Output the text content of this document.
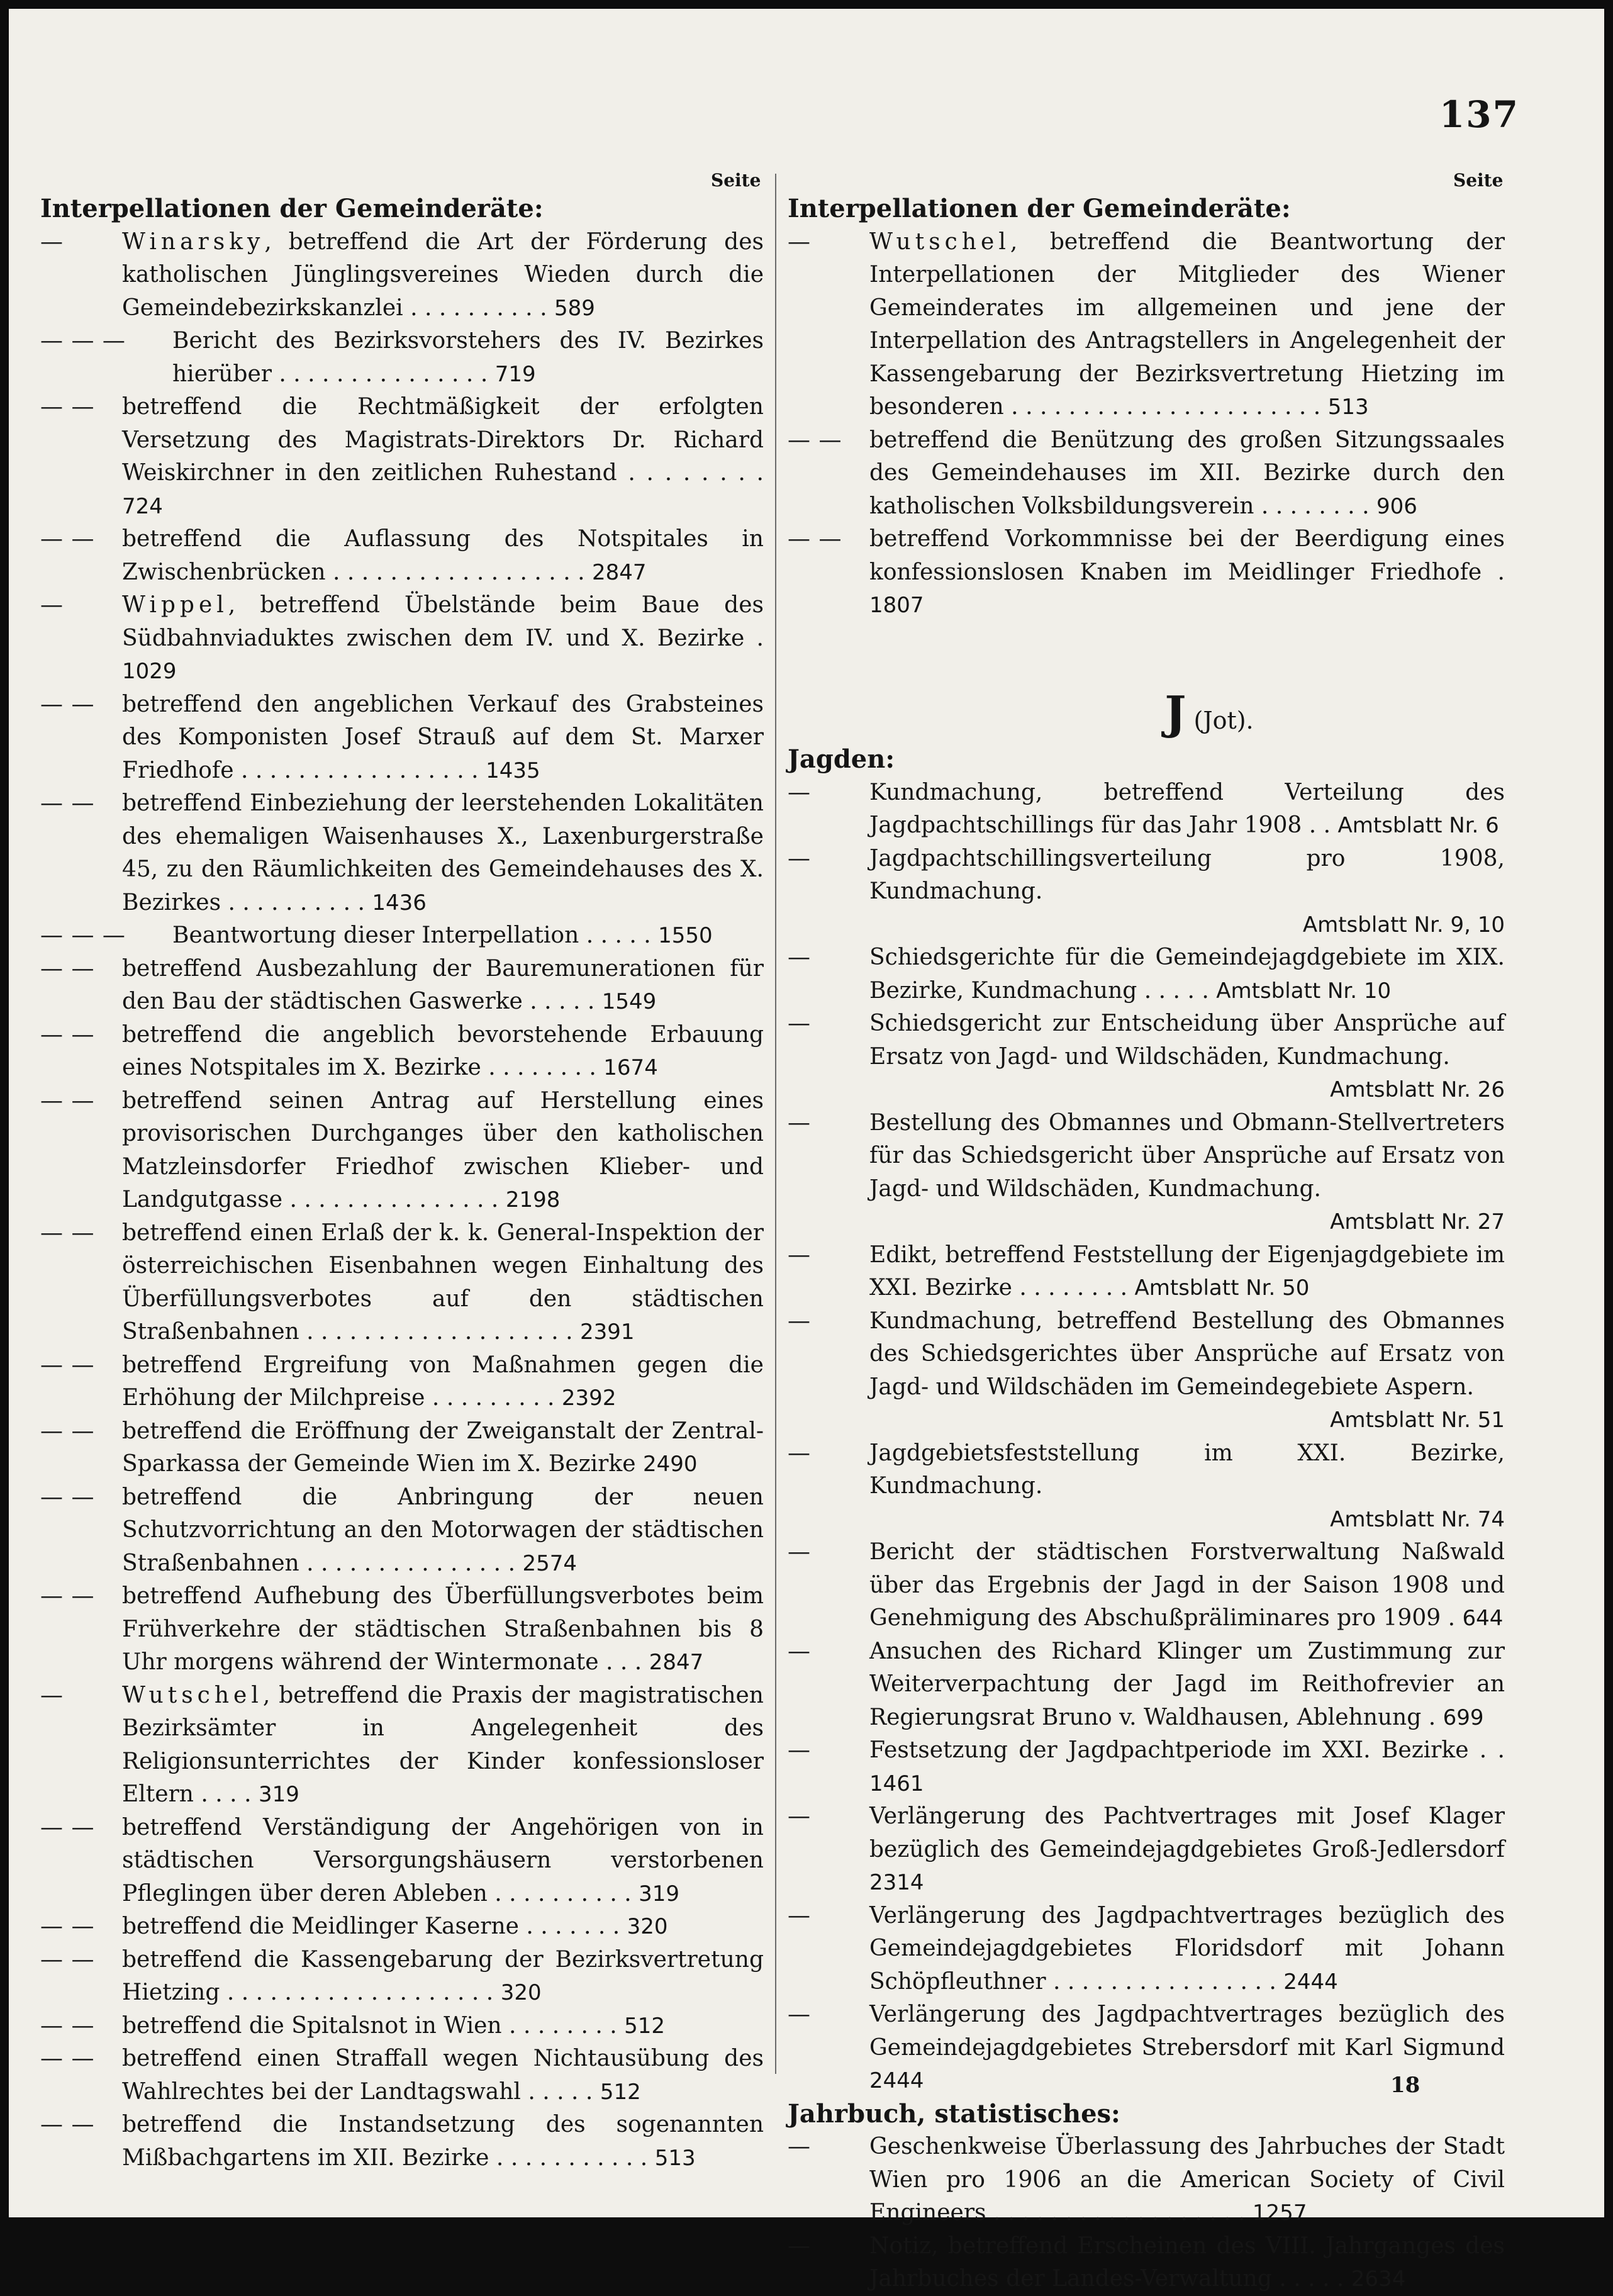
137
Seite	Seite
Interpellationen der Gemeinderäte:
—	Winarsky, betreffend die Art der Förderung des katholischen Jünglingsvereines Wieden durch die Gemeindebezirkskanzlei . . . . . . . . . . 589
— — — Bericht des Bezirksvorstehers des IV. Bezirkes hierüber . . . . . . . . . . . . . . . 719
— — betreffend die Rechtmäßigkeit der erfolgten Versetzung des Magistrats-Direktors Dr. Richard Weiskirchner in den zeitlichen Ruhestand . . . . . . . . 724
— — betreffend die Auflassung des Notspitales in Zwischenbrücken . . . . . . . . . . . . . . . . . . 2847
—	Wippel, betreffend Übelstände beim Baue des Südbahnviaduktes zwischen dem IV. und X. Bezirke . 1029
— — betreffend den angeblichen Verkauf des Grabsteines des Komponisten Josef Strauß auf dem St. Marxer Friedhofe . . . . . . . . . . . . . . . . . 1435
— — betreffend Einbeziehung der leerstehenden Lokalitäten des ehemaligen Waisenhauses X., Laxenburgerstraße 45, zu den Räumlichkeiten des Gemeindehauses des X. Bezirkes . . . . . . . . . . 1436
— — — Beantwortung dieser Interpellation . . . . . 1550
— — betreffend Ausbezahlung der Bauremunerationen für den Bau der städtischen Gaswerke . . . . . 1549
— — betreffend die angeblich bevorstehende Erbauung eines Notspitales im X. Bezirke . . . . . . . . 1674
— — betreffend seinen Antrag auf Herstellung eines provisorischen Durchganges über den katholischen Matzleinsdorfer Friedhof zwischen Klieber- und Landgutgasse . . . . . . . . . . . . . . . 2198
— — betreffend einen Erlaß der k. k. General-Inspektion der österreichischen Eisenbahnen wegen Einhaltung des Überfüllungsverbotes auf den städtischen Straßenbahnen . . . . . . . . . . . . . . . . . . . 2391
— — betreffend Ergreifung von Maßnahmen gegen die Erhöhung der Milchpreise . . . . . . . . . 2392
— — betreffend die Eröffnung der Zweiganstalt der Zentral-Sparkassa der Gemeinde Wien im X. Bezirke 2490
— — betreffend die Anbringung der neuen Schutzvorrichtung an den Motorwagen der städtischen Straßenbahnen . . . . . . . . . . . . . . . 2574
— — betreffend Aufhebung des Überfüllungsverbotes beim Frühverkehre der städtischen Straßenbahnen bis 8 Uhr morgens während der Wintermonate . . . 2847
—	Wutschel, betreffend die Praxis der magistratischen Bezirksämter in Angelegenheit des Religionsunterrichtes der Kinder konfessionsloser Eltern . . . . 319
— — betreffend Verständigung der Angehörigen von in städtischen Versorgungshäusern verstorbenen Pfleglingen über deren Ableben . . . . . . . . . . 319
— — betreffend die Meidlinger Kaserne . . . . . . . 320
— — betreffend die Kassengebarung der Bezirksvertretung Hietzing . . . . . . . . . . . . . . . . . . . 320
— — betreffend die Spitalsnot in Wien . . . . . . . . 512
— — betreffend einen Straffall wegen Nichtausübung des Wahlrechtes bei der Landtagswahl . . . . . 512
— — betreffend die Instandsetzung des sogenannten Mißbachgartens im XII. Bezirke . . . . . . . . . . . 513
Interpellationen der Gemeinderäte:
—	Wutschel, betreffend die Beantwortung der Interpellationen der Mitglieder des Wiener Gemeinderates im allgemeinen und jene der Interpellation des Antragstellers in Angelegenheit der Kassengebarung der Bezirksvertretung Hietzing im besonderen . . . . . . . . . . . . . . . . . . . . . . 513
— — betreffend die Benützung des großen Sitzungssaales des Gemeindehauses im XII. Bezirke durch den katholischen Volksbildungsverein . . . . . . . . 906
— — betreffend Vorkommnisse bei der Beerdigung eines konfessionslosen Knaben im Meidlinger Friedhofe . 1807
J (Jot).
Jagden:
—	Kundmachung, betreffend Verteilung des Jagdpachtschillings für das Jahr 1908 . . Amtsblatt Nr. 6
—	Jagdpachtschillingsverteilung pro 1908, Kundmachung.
Amtsblatt Nr. 9, 10
—	Schiedsgerichte für die Gemeindejagdgebiete im XIX. Bezirke, Kundmachung . . . . . Amtsblatt Nr. 10
—	Schiedsgericht zur Entscheidung über Ansprüche auf Ersatz von Jagd- und Wildschäden, Kundmachung.
Amtsblatt Nr. 26
—	Bestellung des Obmannes und Obmann-Stellvertreters für das Schiedsgericht über Ansprüche auf Ersatz von Jagd- und Wildschäden, Kundmachung.
Amtsblatt Nr. 27
—	Edikt, betreffend Feststellung der Eigenjagdgebiete im XXI. Bezirke . . . . . . . . Amtsblatt Nr. 50
—	Kundmachung, betreffend Bestellung des Obmannes des Schiedsgerichtes über Ansprüche auf Ersatz von Jagd- und Wildschäden im Gemeindegebiete Aspern.
Amtsblatt Nr. 51
—	Jagdgebietsfeststellung im XXI. Bezirke, Kundmachung.
Amtsblatt Nr. 74
—	Bericht der städtischen Forstverwaltung Naßwald über das Ergebnis der Jagd in der Saison 1908 und Genehmigung des Abschußpräliminares pro 1909 . 644
—	Ansuchen des Richard Klinger um Zustimmung zur Weiterverpachtung der Jagd im Reithofrevier an Regierungsrat Bruno v. Waldhausen, Ablehnung . 699
—	Festsetzung der Jagdpachtperiode im XXI. Bezirke . . 1461
—	Verlängerung des Pachtvertrages mit Josef Klager bezüglich des Gemeindejagdgebietes Groß-Jedlersdorf 2314
—	Verlängerung des Jagdpachtvertrages bezüglich des Gemeindejagdgebietes Floridsdorf mit Johann Schöpfleuthner . . . . . . . . . . . . . . . . 2444
—	Verlängerung des Jagdpachtvertrages bezüglich des Gemeindejagdgebietes Strebersdorf mit Karl Sigmund 2444
Jahrbuch, statistisches:
—	Geschenkweise Überlassung des Jahrbuches der Stadt Wien pro 1906 an die American Society of Civil Engineers . . . . . . . . . . . . . . . . . . 1257
—	Notiz, betreffend Erscheinen des VIII. Jahrganges des Jahrbuches der Landes-Verwaltung . . . . . 2634
18
